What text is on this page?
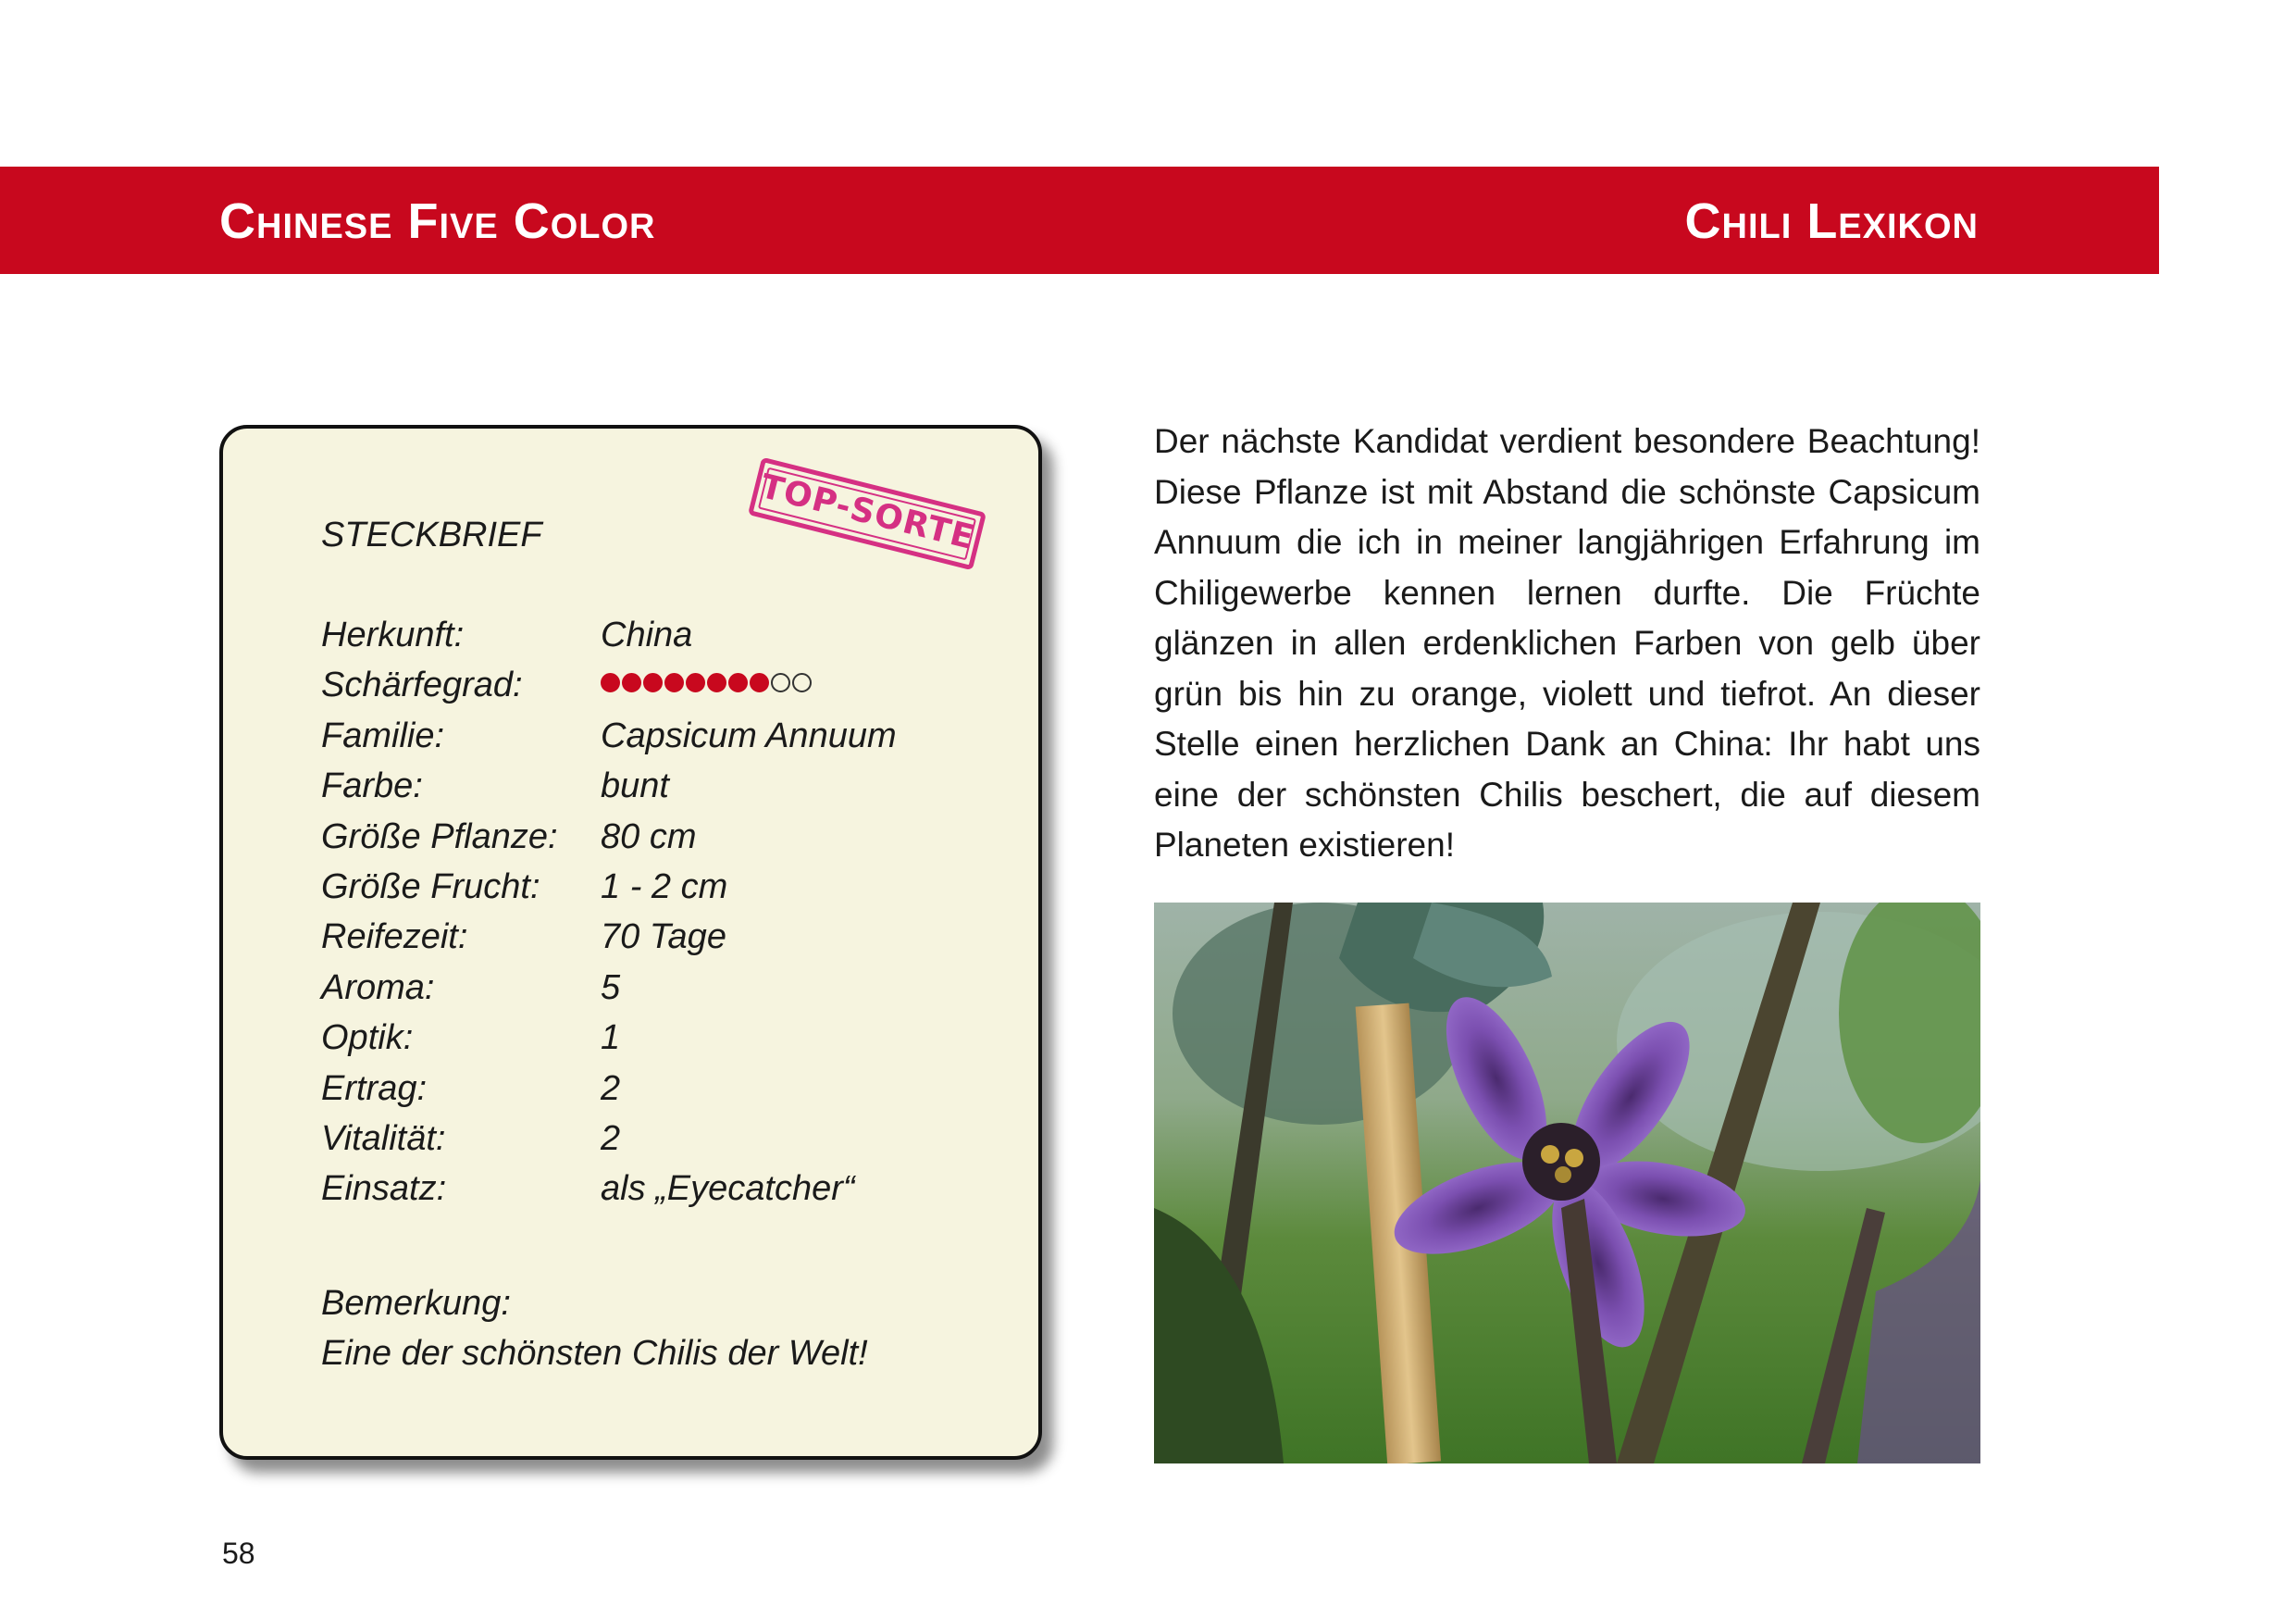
Chinese Five Color	Chili Lexikon
TOP-SORTE
STECKBRIEF
Herkunft:	China
Schärfegrad:
Familie:	Capsicum Annuum
Farbe:	bunt
Größe Pflanze: 80 cm
Größe Frucht: 1 - 2 cm
Reifezeit:	70 Tage
Aroma:	5
Optik:	1
Ertrag:	2
Vitalität:	2
Einsatz:	als „Eyecatcher“
Bemerkung:
Eine der schönsten Chilis der Welt!
Der nächste Kandidat verdient besondere Beachtung! Diese Pflanze ist mit Abstand die schönste Capsicum Annuum die ich in meiner langjährigen Erfahrung im Chiligewerbe kennen lernen durfte. Die Früchte glänzen in allen erdenklichen Farben von gelb über grün bis hin zu orange, violett und tiefrot. An dieser Stelle einen herzlichen Dank an China: Ihr habt uns eine der schönsten Chilis beschert, die auf diesem Planeten existieren!
58
